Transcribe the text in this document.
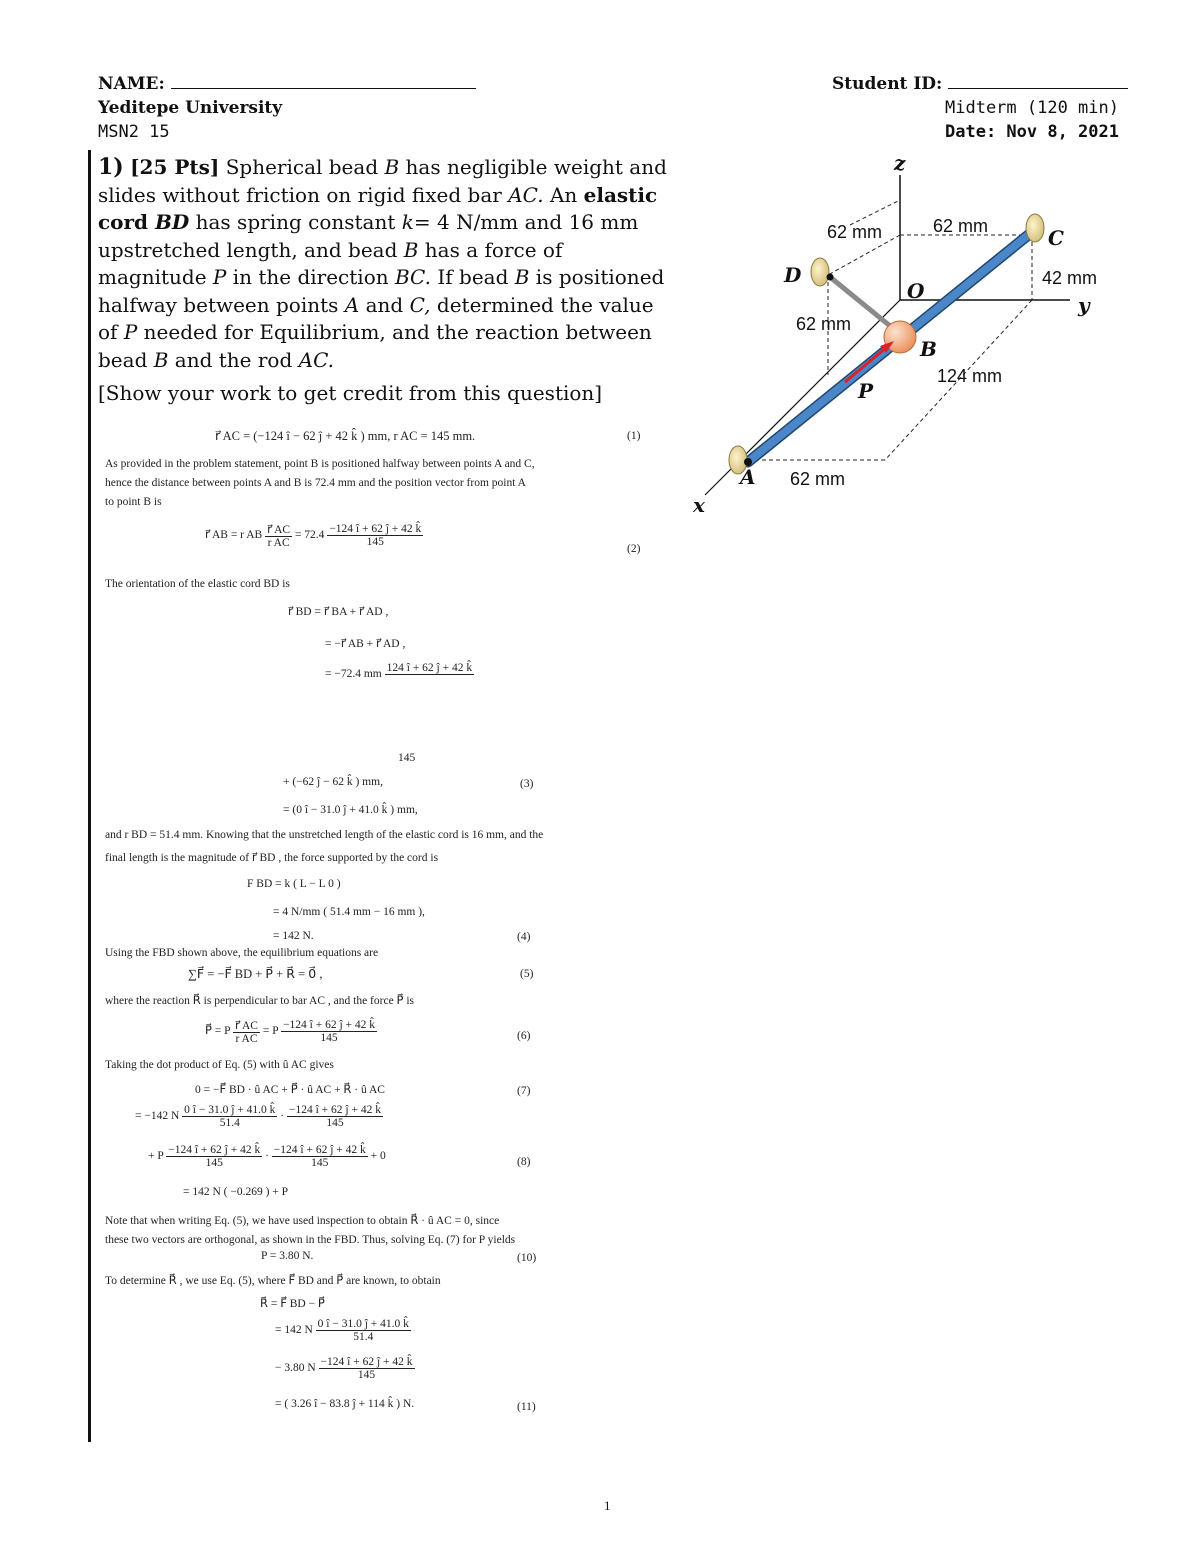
NAME:	Student ID:
Yeditepe University	Midterm (120 min)
MSN2 15	Date: Nov 8, 2021
1) [25 Pts] Spherical bead B has negligible weight and slides without friction on rigid fixed bar AC. An elastic cord BD has spring constant k= 4 N/mm and 16 mm upstretched length, and bead B has a force of magnitude P in the direction BC. If bead B is positioned halfway between points A and C, determined the value of P needed for Equilibrium, and the reaction between bead B and the rod AC.
[Show your work to get credit from this question]
r⃗ AC = (−124 î − 62 ĵ + 42 k̂ ) mm, r AC = 145 mm.	(1)
As provided in the problem statement, point B is positioned halfway between points A and C,
hence the distance between points A and B is 72.4 mm and the position vector from point A
to point B is
r⃗ AB = r AB $\frac{r⃗ AC}{\text{r AC}} = 72.4 \frac{-124 î + 62 ĵ + 42 k̂}{145}$
(2)
The orientation of the elastic cord BD is
r⃗ BD = r⃗ BA + r⃗ AD ,
= −r⃗ AB + r⃗ AD ,
= −72.4 mm
124 î + 62 ĵ + 42 k̂
145
+ (−62 ĵ − 62 k̂ ) mm,	(3)
= (0 î − 31.0 ĵ + 41.0 k̂ ) mm,
and r BD = 51.4 mm. Knowing that the unstretched length of the elastic cord is 16 mm, and the
final length is the magnitude of r⃗ BD , the force supported by the cord is
F BD = k ( L − L 0 )
= 4 N/mm ( 51.4 mm − 16 mm ),
= 142 N.	(4)
Using the FBD shown above, the equilibrium equations are
∑F⃗ = −F⃗ BD + P⃗ + R⃗ = 0⃗ ,	(5)
where the reaction R⃗ is perpendicular to bar AC , and the force P⃗ is
P⃗ = P $\frac{r⃗ AC}{\text{r AC}} = P \frac{-124 î + 62 ĵ + 42 k̂}{145}$	(6)
Taking the dot product of Eq. (5) with û AC gives
0 = −F⃗ BD · û AC + P⃗ · û AC + R⃗ · û AC	(7)
= −142 N $\frac{0 î - 31.0 ĵ + 41.0 k̂}{51.4} \cdot \frac{-124 î + 62 ĵ + 42 k̂}{145}$
+ P $\frac{-124 î + 62 ĵ + 42 k̂}{145} \cdot \frac{-124 î + 62 ĵ + 42 k̂}{145} + 0$	(8)
= 142 N ( −0.269 ) + P
Note that when writing Eq. (5), we have used inspection to obtain R⃗ · û AC = 0, since
these two vectors are orthogonal, as shown in the FBD. Thus, solving Eq. (7) for P yields
P = 3.80 N.	(10)
To determine R⃗ , we use Eq. (5), where F⃗ BD and P⃗ are known, to obtain
R⃗ = F⃗ BD − P⃗
= 142 N $\frac{0 î - 31.0 ĵ + 41.0 k̂}{51.4}$
− 3.80 N $\frac{-124 î + 62 ĵ + 42 k̂}{145}$
= ( 3.26 î − 83.8 ĵ + 114 k̂ ) N.	(11)
z
y
x
A
B
C
D
O
P
62 mm	62 mm
42 mm
62 mm
124 mm
62 mm
1
